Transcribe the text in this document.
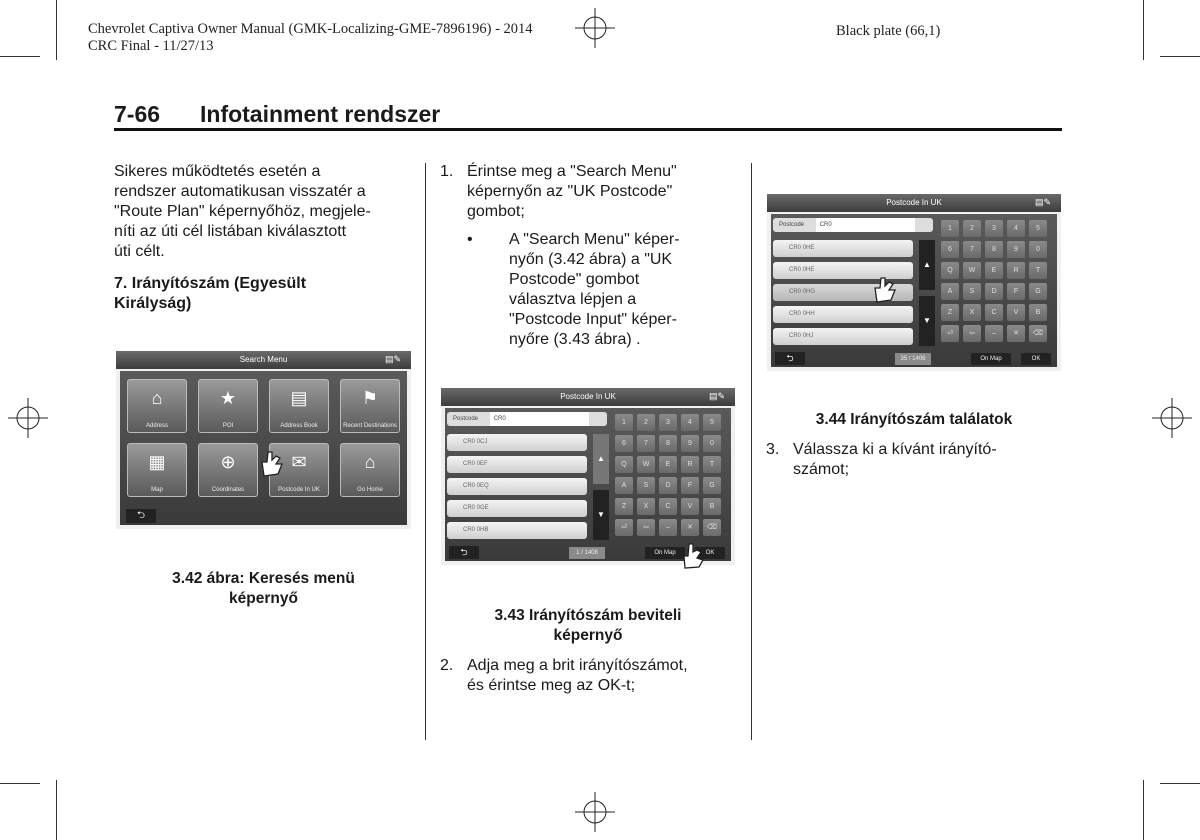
Chevrolet Captiva Owner Manual (GMK-Localizing-GME-7896196) - 2014
CRC Final - 11/27/13
Black plate (66,1)
7-66 Infotainment rendszer
Sikeres működtetés esetén a
rendszer automatikusan visszatér a
"Route Plan" képernyőhöz, megjele-
níti az úti cél listában kiválasztott
úti célt.
7. Irányítószám (Egyesült
Királyság)
Search Menu	▤✎
⌂
Address
★
POI
▤
Address Book
⚑
Recent Destinations
▦
Map
⊕
Coordinates
✉
Postcode In UK
⌂
Go Home
⮌
3.42 ábra: Keresés menü
képernyő
1. Érintse meg a "Search Menu"
képernyőn az "UK Postcode"
gombot;
• A "Search Menu" képer-
nyőn (3.42 ábra) a "UK
Postcode" gombot
választva lépjen a
"Postcode Input" képer-
nyőre (3.43 ábra) .
Postcode In UK	▤✎
Postcode	CR0
CR0 0CJ
CR0 0EF
CR0 0EQ
CR0 0GE
CR0 0HB
▲
▼
1	2	3	4	5
6	7	8	9	0
Q	W	E	R	T
A	S	D	F	G
Z	X	C	V	B
⏎	⇦	–	✕	⌫
⮌	1 / 1408	On Map	OK
3.43 Irányítószám beviteli
képernyő
2. Adja meg a brit irányítószámot,
és érintse meg az OK-t;
Postcode In UK	▤✎
Postcode	CR0
CR0 0HE
CR0 0HE
CR0 0HG
CR0 0HH
CR0 0HJ
▲
▼
1	2	3	4	5
6	7	8	9	0
Q	W	E	R	T
A	S	D	F	G
Z	X	C	V	B
⏎	⇦	–	✕	⌫
⮌	35 / 1408	On Map	OK
3.44 Irányítószám találatok
3. Válassza ki a kívánt irányító-
számot;
